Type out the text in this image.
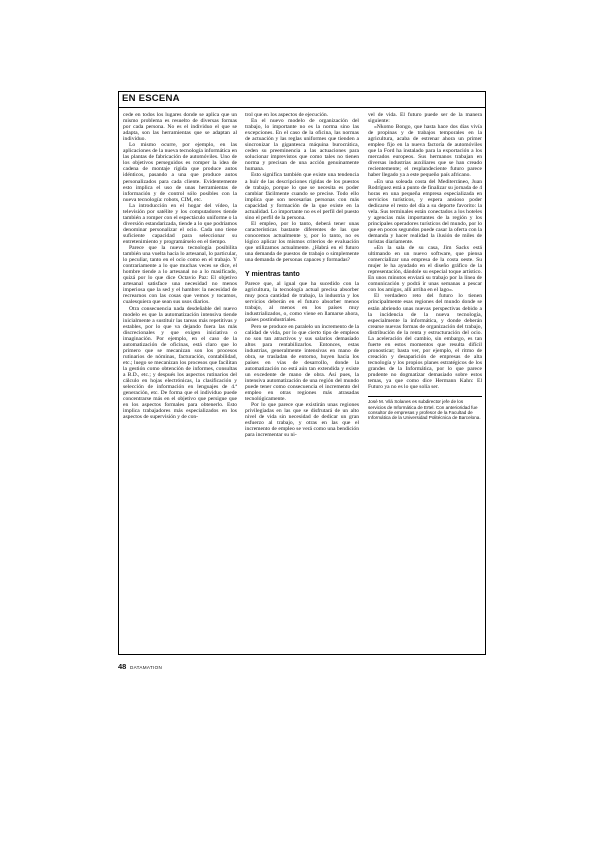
EN ESCENA

cede en todos los lugares donde se aplica que un mismo problema es resuelto de diversas formas por cada persona. No es el individuo el que se adapta, son las herramientas que se adaptan al individuo.

Lo mismo ocurre, por ejemplo, en las aplicaciones de la nueva tecnología informática en las plantas de fabricación de automóviles. Uno de los objetivos perseguidos es romper la idea de cadena de montaje rígida que produce autos idénticos, pasando a una que produce autos personalizados para cada cliente. Evidentemente esto implica el uso de unas herramientas de información y de control sólo posibles con la nueva tecnología: robots, CIM, etc.

La introducción en el hogar del vídeo, la televisión por satélite y los computadores tiende también a romper con el espectáculo uniforme o la diversión estandarizada, tiende a lo que podríamos denominar personalizar el ocio. Cada uno tiene suficiente capacidad para seleccionar su entretenimiento y programárselo en el tiempo.

Parece que la nueva tecnología posibilita también una vuelta hacia lo artesanal, lo particular, lo peculiar, tanto en el ocio como en el trabajo. Y contrariamente a lo que muchas veces se dice, el hombre tiende a lo artesanal no a lo masificado, quizá por lo que dice Octavio Paz: El objetivo artesanal satisface una necesidad no menos imperiosa que la sed y el hambre: la necesidad de recrearnos con las cosas que vemos y tocamos, cualesquiera que sean sus usos diarios.

Otra consecuencia nada desdeñable del nuevo modelo es que la automatización intensiva tiende inicialmente a sustituir las tareas más repetitivas y estables, por lo que va dejando fuera las más discrecionales y que exigen iniciativa o imaginación. Por ejemplo, en el caso de la automatización de oficinas, está claro que lo primero que se mecanizan son los procesos rutinarios de nóminas, facturación, contabilidad, etc.; luego se mecanizan los procesos que facilitan la gestión como obtención de informes, consultas a B.D., etc.; y después los aspectos rutinarios del cálculo en hojas electrónicas, la clasificación y selección de información en lenguajes de 4.ª generación, etc. De forma que el individuo puede concentrarse más en el objetivo que persigue que en los aspectos formales para obtenerlo. Esto implica trabajadores más especializados en los aspectos de supervisión y de con-

trol que en los aspectos de ejecución.

En el nuevo modelo de organización del trabajo, lo importante no es la norma sino las excepciones. En el caso de la oficina, las normas de actuación y las reglas uniformes que tienden a sincronizar la gigantesca máquina burocrática, ceden su preeminencia a las actuaciones para solucionar imprevistos que como tales no tienen norma y precisan de una acción genuinamente humana.

Esto significa también que existe una tendencia a huir de las descripciones rígidas de los puestos de trabajo, porque lo que se necesita es poder cambiar fácilmente cuando se precise. Todo ello implica que son necesarias personas con más capacidad y formación de la que existe en la actualidad. Lo importante no es el perfil del puesto sino el perfil de la persona.

El empleo, por lo tanto, deberá tener unas características bastante diferentes de las que conocemos actualmente y, por lo tanto, no es lógico aplicar los mismos criterios de evaluación que utilizamos actualmente. ¿Habrá en el futuro una demanda de puestos de trabajo o simplemente una demanda de personas capaces y formadas?

Y mientras tanto

Parece que, al igual que ha sucedido con la agricultura, la tecnología actual precisa absorber muy poca cantidad de trabajo, la industria y los servicios deberán en el futuro absorber menos trabajo, al menos en los países muy industrializados, o, como viene en llamarse ahora, países postindustriales.

Pero se produce en paralelo un incremento de la calidad de vida, por lo que cierto tipo de empleos no son tan atractivos y sus salarios demasiado altos para rentabilizarlos. Entonces, estas industrias, generalmente intensivas en mano de obra, se trasladan de entorno, huyen hacia los países en vías de desarrollo, donde la automatización no está aún tan extendida y existe un excedente de mano de obra. Así pues, la intensiva automatización de una región del mundo puede tener como consecuencia el incremento del empleo en otras regiones más atrasadas tecnológicamente.

Por lo que parece que existirán unas regiones privilegiadas en las que se disfrutará de un alto nivel de vida sin necesidad de dedicar un gran esfuerzo al trabajo, y otras en las que el incremento de empleo se verá como una bendición para incrementar su ni-

vel de vida. El futuro puede ser de la manera siguiente:

«Nkomo Bongo, que hasta hace dos días vivía de propinas y de trabajos temporales en la agricultura, acaba de estrenar ahora un primer empleo fijo en la nueva factoría de automóviles que la Ford ha instalado para la exportación a los mercados europeos. Sus hermanos trabajan en diversas industrias auxiliares que se han creado recientemente; el resplandeciente futuro parece haber llegado ya a este pequeño país africano.

»En una soleada costa del Mediterráneo, Juan Rodríguez está a punto de finalizar su jornada de 4 horas en una pequeña empresa especializada en servicios turísticos, y espera ansioso poder dedicarse el resto del día a su deporte favorito: la vela. Sus terminales están conectados a los hoteles y agencias más importantes de la región y los principales operadores turísticos del mundo, por lo que en pocos segundos puede casar la oferta con la demanda y hacer realidad la ilusión de miles de turistas diariamente.

»En la sala de su casa, Jim Sacks está ultimando en un nuevo software, que piensa comercializar una empresa de la costa oeste. Su mujer le ha ayudado en el diseño gráfico de la representación, dándole su especial toque artístico. En unos minutos enviará su trabajo por la línea de comunicación y podrá ir unas semanas a pescar con los amigos, allí arriba en el lago».

El verdadero reto del futuro lo tienen principalmente esas regiones del mundo donde se están abriendo unas nuevas perspectivas debido a la incidencia de la nueva tecnología, especialmente la informática, y donde deberán crearse nuevas formas de organización del trabajo, distribución de la renta y estructuración del ocio. La aceleración del cambio, sin embargo, es tan fuerte en estos momentos que resulta difícil pronosticar; basta ver, por ejemplo, el ritmo de creación y desaparición de empresas de alta tecnología y los propios planes estratégicos de los grandes de la Informática, por lo que parece prudente no dogmatizar demasiado sobre estos temas, ya que como dice Hermann Kahn: El Futuro ya no es lo que solía ser.

José M. Vilá Solanes es subdirector jefe de los servicios de Informática de Ertel. Con anterioridad fue consultor de empresas y profesor de la Facultad de Informática de la Universidad Politécnica de Barcelona.
48 DATAMATION
